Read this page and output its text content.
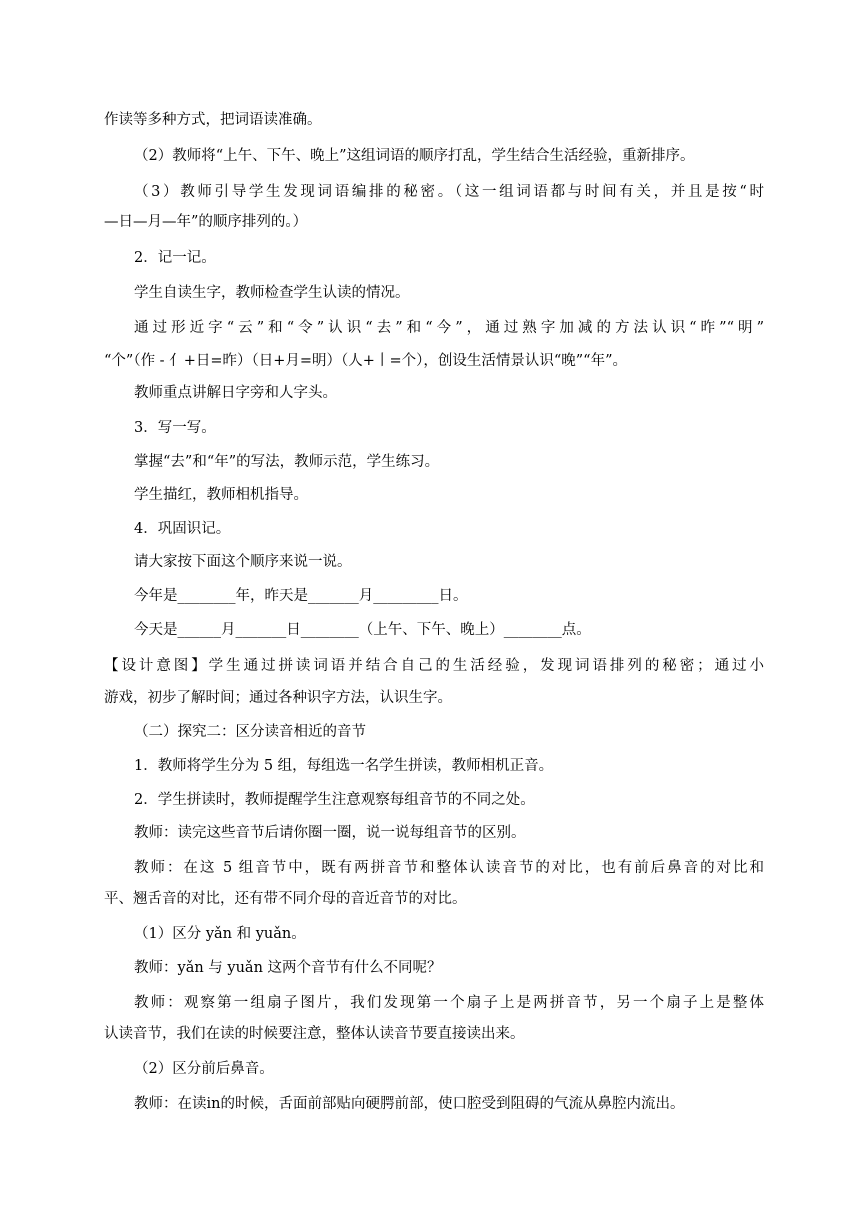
作读等多种方式，把词语读准确。
（2）教师将“上午、下午、晚上”这组词语的顺序打乱，学生结合生活经验，重新排序。
（3）教师引导学生发现词语编排的秘密。（这一组词语都与时间有关，并且是按“时
—日—月—年”的顺序排列的。）
2．记一记。
学生自读生字，教师检查学生认读的情况。
通过形近字“云”和“令”认识“去”和“今”，通过熟字加减的方法认识“昨”“明”
“个”（作 - 亻+日=昨）（日+月=明）（人+丨=个），创设生活情景认识“晚”“年”。
教师重点讲解日字旁和人字头。
3．写一写。
掌握“去”和“年”的写法，教师示范，学生练习。
学生描红，教师相机指导。
4．巩固识记。
请大家按下面这个顺序来说一说。
今年是________年，昨天是_______月_________日。
今天是______月_______日________（上午、下午、晚上）________点。
【设计意图】学生通过拼读词语并结合自己的生活经验，发现词语排列的秘密；通过小
游戏，初步了解时间；通过各种识字方法，认识生字。
（二）探究二：区分读音相近的音节
1．教师将学生分为 5 组，每组选一名学生拼读，教师相机正音。
2．学生拼读时，教师提醒学生注意观察每组音节的不同之处。
教师：读完这些音节后请你圈一圈，说一说每组音节的区别。
教师：在这 5 组音节中，既有两拼音节和整体认读音节的对比，也有前后鼻音的对比和
平、翘舌音的对比，还有带不同介母的音近音节的对比。
（1）区分 yǎn 和 yuǎn。
教师：yǎn 与 yuǎn 这两个音节有什么不同呢？
教师：观察第一组扇子图片，我们发现第一个扇子上是两拼音节，另一个扇子上是整体
认读音节，我们在读的时候要注意，整体认读音节要直接读出来。
（2）区分前后鼻音。
教师：在读in的时候，舌面前部贴向硬腭前部，使口腔受到阻碍的气流从鼻腔内流出。
